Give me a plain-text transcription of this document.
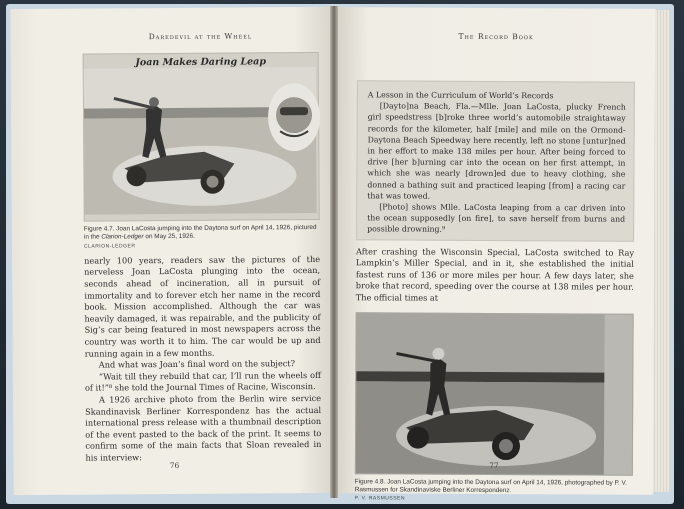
Daredevil at the Wheel
Joan Makes Daring Leap
Figure 4.7. Joan LaCosta jumping into the Daytona surf on April 14, 1926, pictured in the Clarion-Ledger on May 25, 1926.
CLARION-LEDGER

nearly 100 years, readers saw the pictures of the nerveless Joan LaCosta plunging into the ocean, seconds ahead of incineration, all in pursuit of immortality and to forever etch her name in the record book. Mission accomplished. Although the car was heavily damaged, it was repairable, and the publicity of Sig’s car being featured in most newspapers across the country was worth it to him. The car would be up and running again in a few months.

And what was Joan’s final word on the subject?

“Wait till they rebuild that car, I’ll run the wheels off of it!”⁸ she told the Journal Times of Racine, Wisconsin.

A 1926 archive photo from the Berlin wire service Skandinavisk Berliner Korrespondenz has the actual international press release with a thumbnail description of the event pasted to the back of the print. It seems to confirm some of the main facts that Sloan revealed in his interview:

76
The Record Book
A Lesson in the Curriculum of World’s Records

[Dayto]na Beach, Fla.—Mlle. Joan LaCosta, plucky French girl speedstress [b]roke three world’s automobile straightaway records for the kilometer, half [mile] and mile on the Ormond-Daytona Beach Speedway here recently, left no stone [untur]ned in her effort to make 138 miles per hour. After being forced to drive [her b]urning car into the ocean on her first attempt, in which she was nearly [drown]ed due to heavy clothing, she donned a bathing suit and practiced leaping [from] a racing car that was towed.

[Photo] shows Mlle. LaCosta leaping from a car driven into the ocean supposedly [on fire], to save herself from burns and possible drowning.⁹

After crashing the Wisconsin Special, LaCosta switched to Ray Lampkin’s Miller Special, and in it, she established the initial fastest runs of 136 or more miles per hour. A few days later, she broke that record, speeding over the course at 138 miles per hour. The official times at

Figure 4.8. Joan LaCosta jumping into the Daytona surf on April 14, 1926, photographed by P. V. Rasmussen for Skandinaviske Berliner Korrespondenz.
P. V. RASMUSSEN
77
